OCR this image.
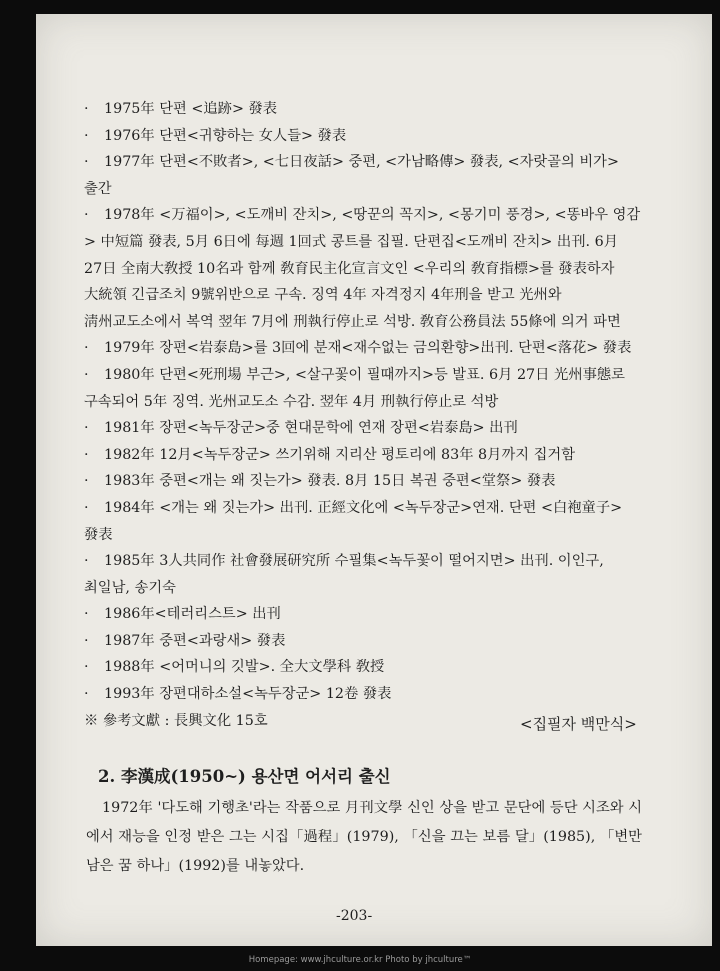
· 1975年 단편 <追跡> 發表
· 1976年 단편<귀향하는 女人들> 發表
· 1977年 단편<不敗者>, <七日夜話> 중편, <가남略傳> 發表, <자랏골의 비가> 출간
· 1978年 <万福이>, <도깨비 잔치>, <땅꾼의 꼭지>, <몽기미 풍경>, <똥바우 영감> 中短篇 發表, 5月 6日에 每週 1回式 콩트를 집필. 단편집<도깨비 잔치> 出刊. 6月 27日 全南大敎授 10名과 함께 敎育民主化宣言文인 <우리의 敎育指標>를 發表하자 大統領 긴급조치 9號위반으로 구속. 징역 4年 자격정지 4年刑을 받고 光州와 淸州교도소에서 복역 翌年 7月에 刑執行停止로 석방. 敎育公務員法 55條에 의거 파면
· 1979年 장편<岩泰島>를 3回에 분재<재수없는 금의환향>出刊. 단편<落花> 發表
· 1980年 단편<死刑場 부근>, <살구꽃이 필때까지>등 발표. 6月 27日 光州事態로 구속되어 5年 징역. 光州교도소 수감. 翌年 4月 刑執行停止로 석방
· 1981年 장편<녹두장군>중 현대문학에 연재 장편<岩泰島> 出刊
· 1982年 12月<녹두장군> 쓰기위해 지리산 평토리에 83年 8月까지 집거함
· 1983年 중편<개는 왜 짓는가> 發表. 8月 15日 복권 중편<堂祭> 發表
· 1984年 <개는 왜 짓는가> 出刊. 正經文化에 <녹두장군>연재. 단편 <白袍童子> 發表
· 1985年 3人共同作 社會發展研究所 수필集<녹두꽃이 떨어지면> 出刊. 이인구, 최일남, 송기숙
· 1986年<테러리스트> 出刊
· 1987年 중편<과랑새> 發表
· 1988年 <어머니의 깃발>. 全大文學科 敎授
· 1993年 장편대하소설<녹두장군> 12卷 發表
※ 參考文獻 : 長興文化 15호	<집필자 백만식>
2. 李漢成(1950~) 용산면 어서리 출신
1972年 '다도해 기행초'라는 작품으로 月刊文學 신인 상을 받고 문단에 등단 시조와 시에서 재능을 인정 받은 그는 시집「過程」(1979), 「신을 끄는 보름 달」(1985), 「변만 남은 꿈 하나」(1992)를 내놓았다.
-203-
Homepage: www.jhculture.or.kr Photo by jhculture™
